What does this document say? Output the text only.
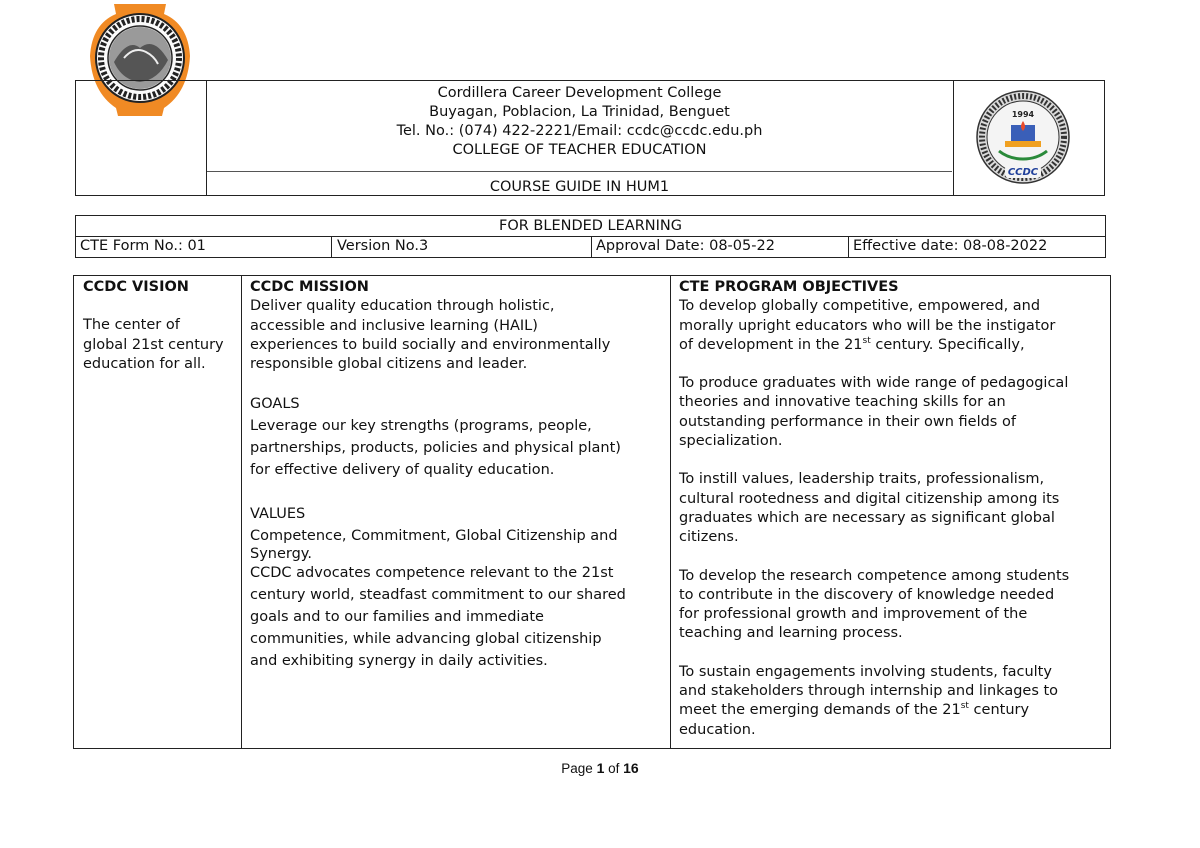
Cordillera Career Development College
Buyagan, Poblacion, La Trinidad, Benguet
Tel. No.: (074) 422-2221/Email: ccdc@ccdc.edu.ph
COLLEGE OF TEACHER EDUCATION
COURSE GUIDE IN HUM1
1994
CCDC
FOR BLENDED LEARNING
CTE Form No.: 01	Version No.3	Approval Date: 08-05-22	Effective date: 08-08-2022

CCDC VISION

The center of

global 21st century

education for all.

CCDC MISSION

Deliver quality education through holistic,

accessible and inclusive learning (HAIL)

experiences to build socially and environmentally

responsible global citizens and leader.

GOALS

Leverage our key strengths (programs, people,

partnerships, products, policies and physical plant)

for effective delivery of quality education.

VALUES

Competence, Commitment, Global Citizenship and

Synergy.

CCDC advocates competence relevant to the 21st

century world, steadfast commitment to our shared

goals and to our families and immediate

communities, while advancing global citizenship

and exhibiting synergy in daily activities.

CTE PROGRAM OBJECTIVES

To develop globally competitive, empowered, and

morally upright educators who will be the instigator

of development in the 21st century. Specifically,

To produce graduates with wide range of pedagogical

theories and innovative teaching skills for an

outstanding performance in their own fields of

specialization.

To instill values, leadership traits, professionalism,

cultural rootedness and digital citizenship among its

graduates which are necessary as significant global

citizens.

To develop the research competence among students

to contribute in the discovery of knowledge needed

for professional growth and improvement of the

teaching and learning process.

To sustain engagements involving students, faculty

and stakeholders through internship and linkages to

meet the emerging demands of the 21st century

education.

Page 1 of 16
